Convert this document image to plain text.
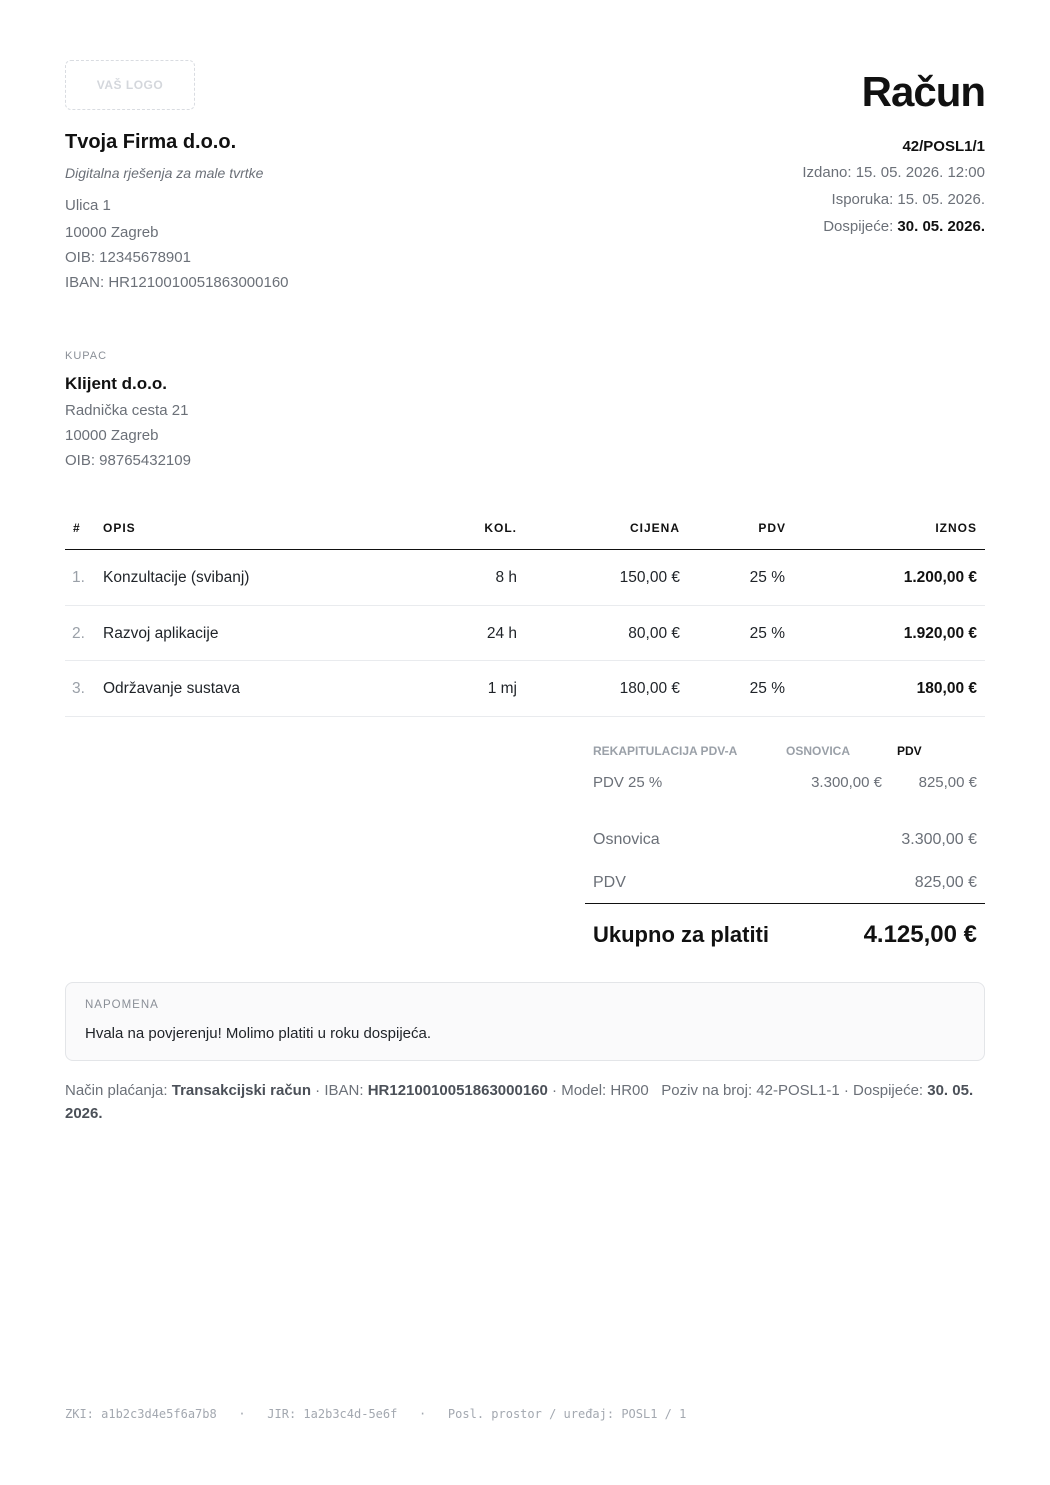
VAŠ LOGO
Tvoja Firma d.o.o.
Digitalna rješenja za male tvrtke
Ulica 1
10000 Zagreb
OIB: 12345678901
IBAN: HR1210010051863000160
Račun
42/POSL1/1
Izdano: 15. 05. 2026. 12:00
Isporuka: 15. 05. 2026.
Dospijeće: 30. 05. 2026.
KUPAC
Klijent d.o.o.
Radnička cesta 21
10000 Zagreb
OIB: 98765432109
# OPIS	KOL.	CIJENA	PDV	IZNOS
1. Konzultacije (svibanj)	8 h	150,00 €	25 %	1.200,00 €
2. Razvoj aplikacije	24 h	80,00 €	25 %	1.920,00 €
3. Održavanje sustava	1 mj	180,00 €	25 %	180,00 €
REKAPITULACIJA PDV-A	OSNOVICA	PDV
PDV 25 %	3.300,00 € 825,00 €
Osnovica	3.300,00 €
PDV	825,00 €
Ukupno za platiti	4.125,00 €
NAPOMENA
Hvala na povjerenju! Molimo platiti u roku dospijeća.
Način plaćanja: Transakcijski račun · IBAN: HR1210010051863000160 · Model: HR00 Poziv na broj: 42-POSL1-1 · Dospijeće: 30. 05. 2026.
ZKI: a1b2c3d4e5f6a7b8   ·   JIR: 1a2b3c4d-5e6f   ·   Posl. prostor / uređaj: POSL1 / 1
